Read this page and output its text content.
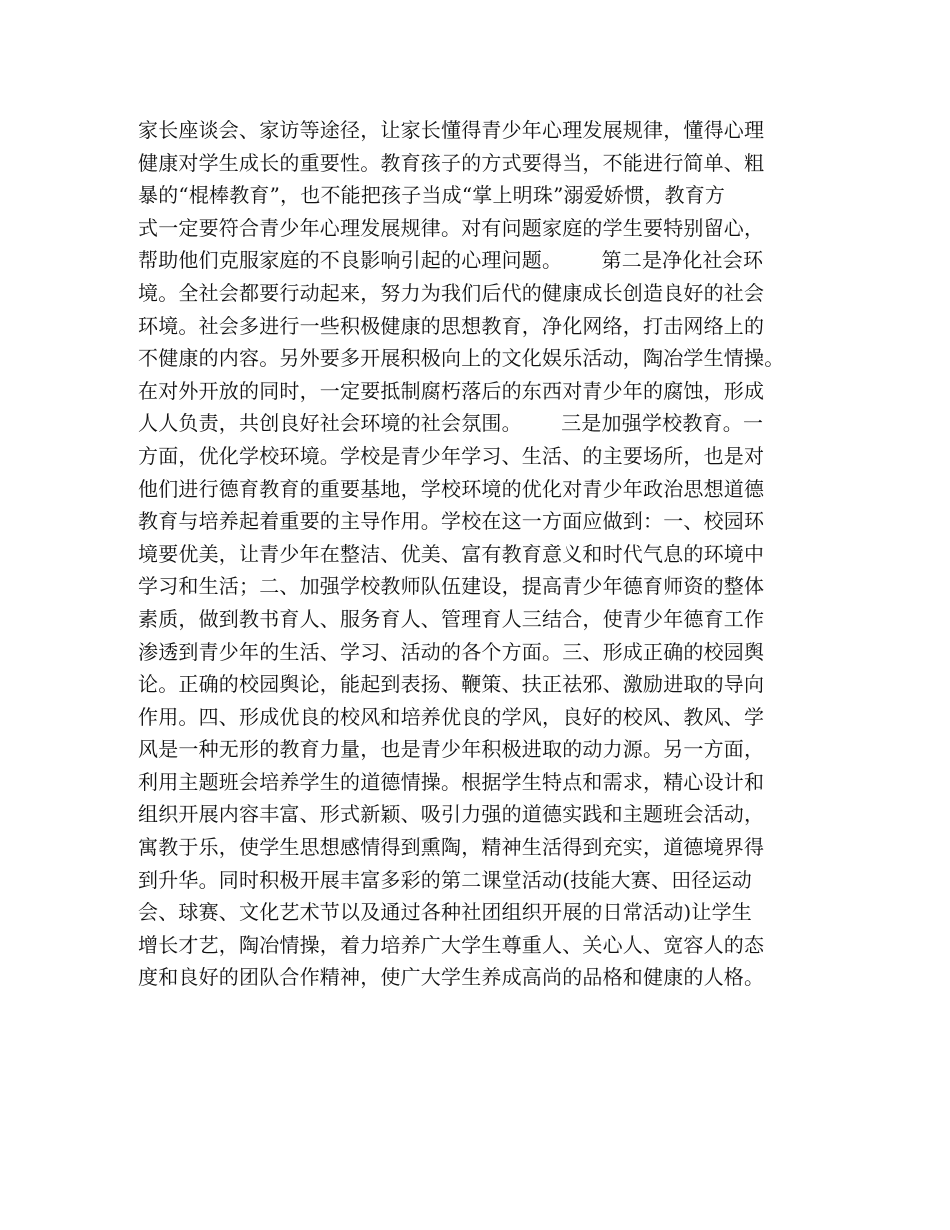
家长座谈会、家访等途径，让家长懂得青少年心理发展规律，懂得心理
健康对学生成长的重要性。教育孩子的方式要得当，不能进行简单、粗
暴的“棍棒教育”，也不能把孩子当成“掌上明珠”溺爱娇惯，教育方
式一定要符合青少年心理发展规律。对有问题家庭的学生要特别留心，
帮助他们克服家庭的不良影响引起的心理问题。      第二是净化社会环
境。全社会都要行动起来，努力为我们后代的健康成长创造良好的社会
环境。社会多进行一些积极健康的思想教育，净化网络，打击网络上的
不健康的内容。另外要多开展积极向上的文化娱乐活动，陶冶学生情操。
在对外开放的同时，一定要抵制腐朽落后的东西对青少年的腐蚀，形成
人人负责，共创良好社会环境的社会氛围。      三是加强学校教育。一
方面，优化学校环境。学校是青少年学习、生活、的主要场所，也是对
他们进行德育教育的重要基地，学校环境的优化对青少年政治思想道德
教育与培养起着重要的主导作用。学校在这一方面应做到：一、校园环
境要优美，让青少年在整洁、优美、富有教育意义和时代气息的环境中
学习和生活；二、加强学校教师队伍建设，提高青少年德育师资的整体
素质，做到教书育人、服务育人、管理育人三结合，使青少年德育工作
渗透到青少年的生活、学习、活动的各个方面。三、形成正确的校园舆
论。正确的校园舆论，能起到表扬、鞭策、扶正祛邪、激励进取的导向
作用。四、形成优良的校风和培养优良的学风，良好的校风、教风、学
风是一种无形的教育力量，也是青少年积极进取的动力源。另一方面，
利用主题班会培养学生的道德情操。根据学生特点和需求，精心设计和
组织开展内容丰富、形式新颖、吸引力强的道德实践和主题班会活动，
寓教于乐，使学生思想感情得到熏陶，精神生活得到充实，道德境界得
到升华。同时积极开展丰富多彩的第二课堂活动(技能大赛、田径运动
会、球赛、文化艺术节以及通过各种社团组织开展的日常活动)让学生
增长才艺，陶冶情操，着力培养广大学生尊重人、关心人、宽容人的态
度和良好的团队合作精神，使广大学生养成高尚的品格和健康的人格。
